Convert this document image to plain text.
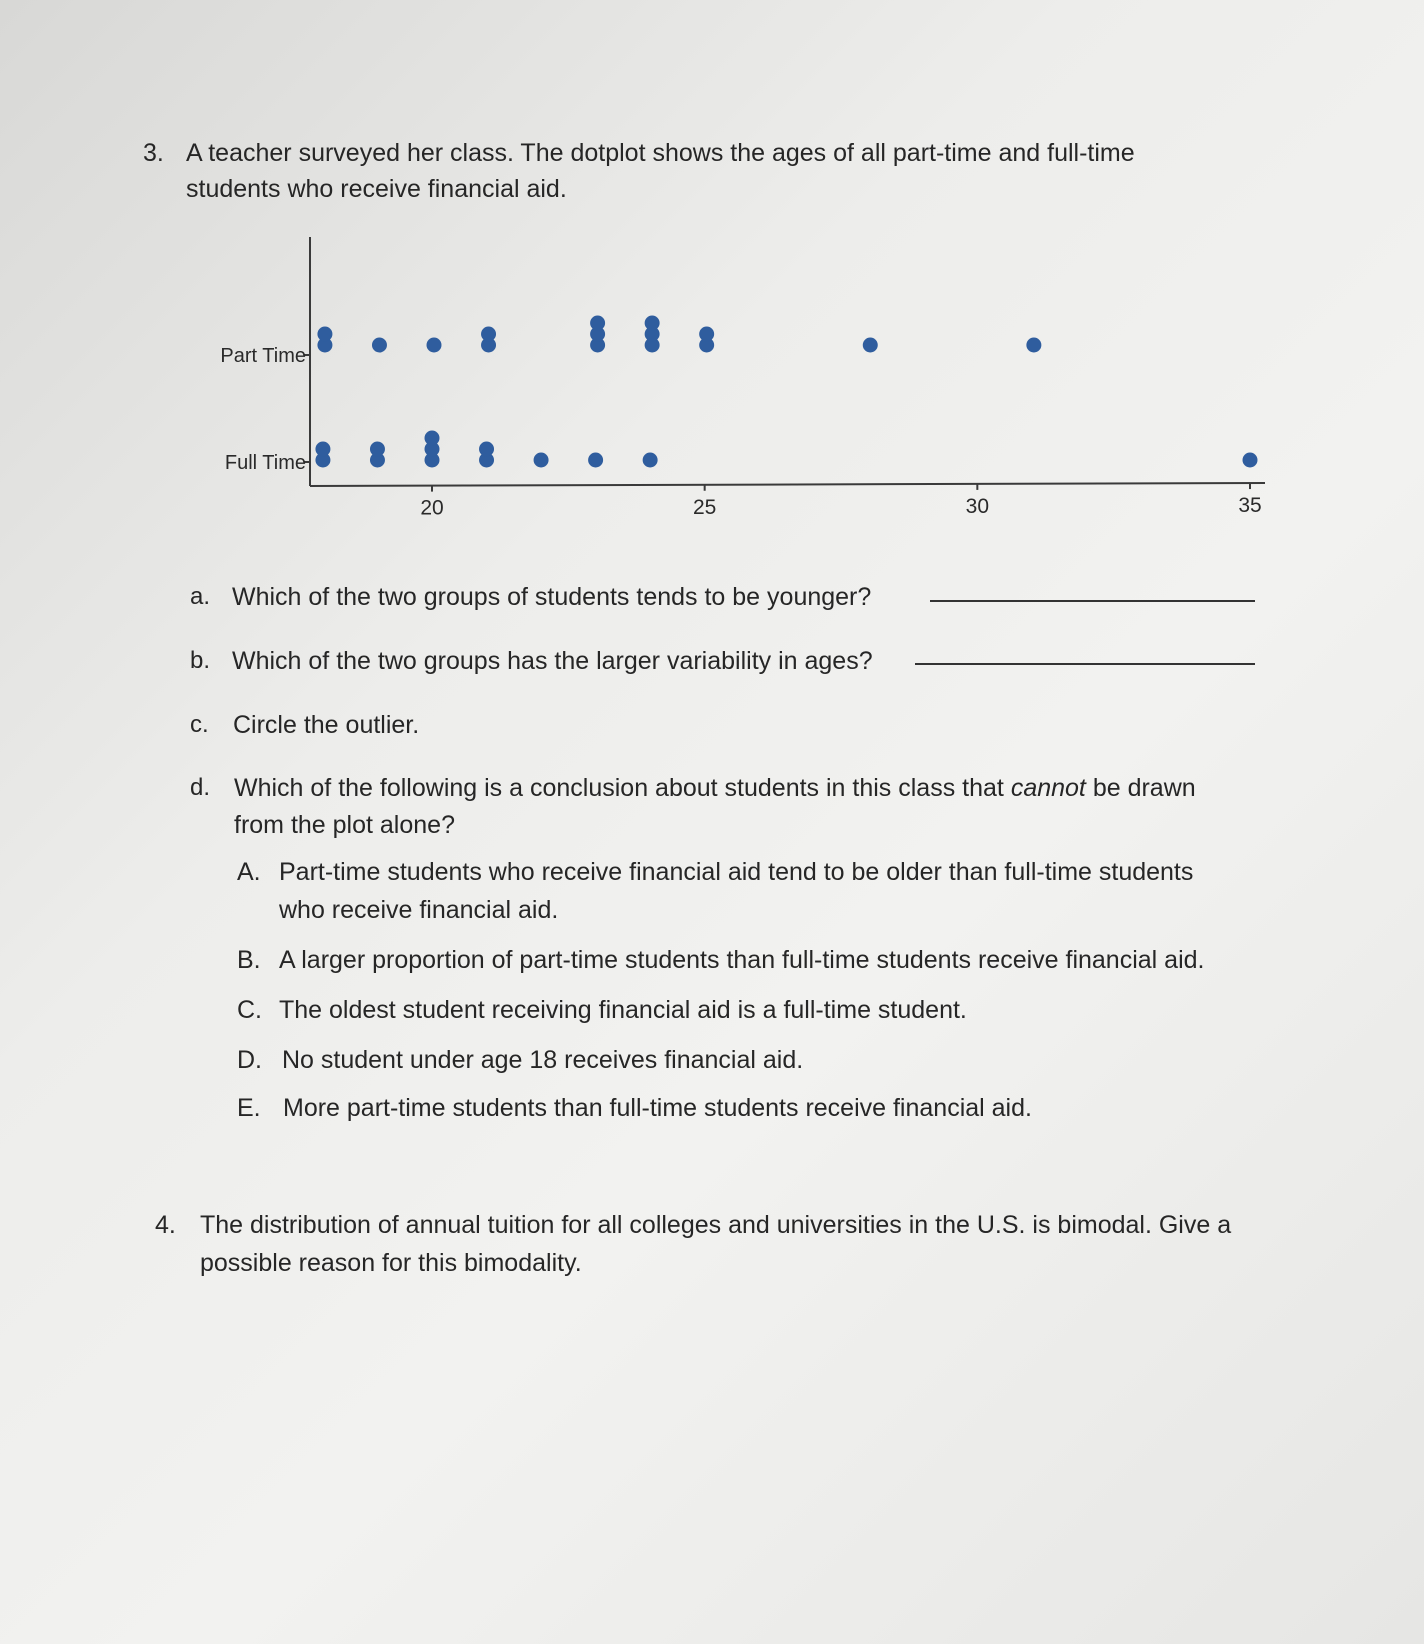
3. A teacher surveyed her class. The dotplot shows the ages of all part-time and full-time
students who receive financial aid.
Part Time
Full Time
20	25	30	35
a. Which of the two groups of students tends to be younger?
b. Which of the two groups has the larger variability in ages?
c. Circle the outlier.
d. Which of the following is a conclusion about students in this class that cannot be drawn
from the plot alone?
A. Part-time students who receive financial aid tend to be older than full-time students
who receive financial aid.
B. A larger proportion of part-time students than full-time students receive financial aid.
C. The oldest student receiving financial aid is a full-time student.
D. No student under age 18 receives financial aid.
E. More part-time students than full-time students receive financial aid.
4. The distribution of annual tuition for all colleges and universities in the U.S. is bimodal. Give a
possible reason for this bimodality.
